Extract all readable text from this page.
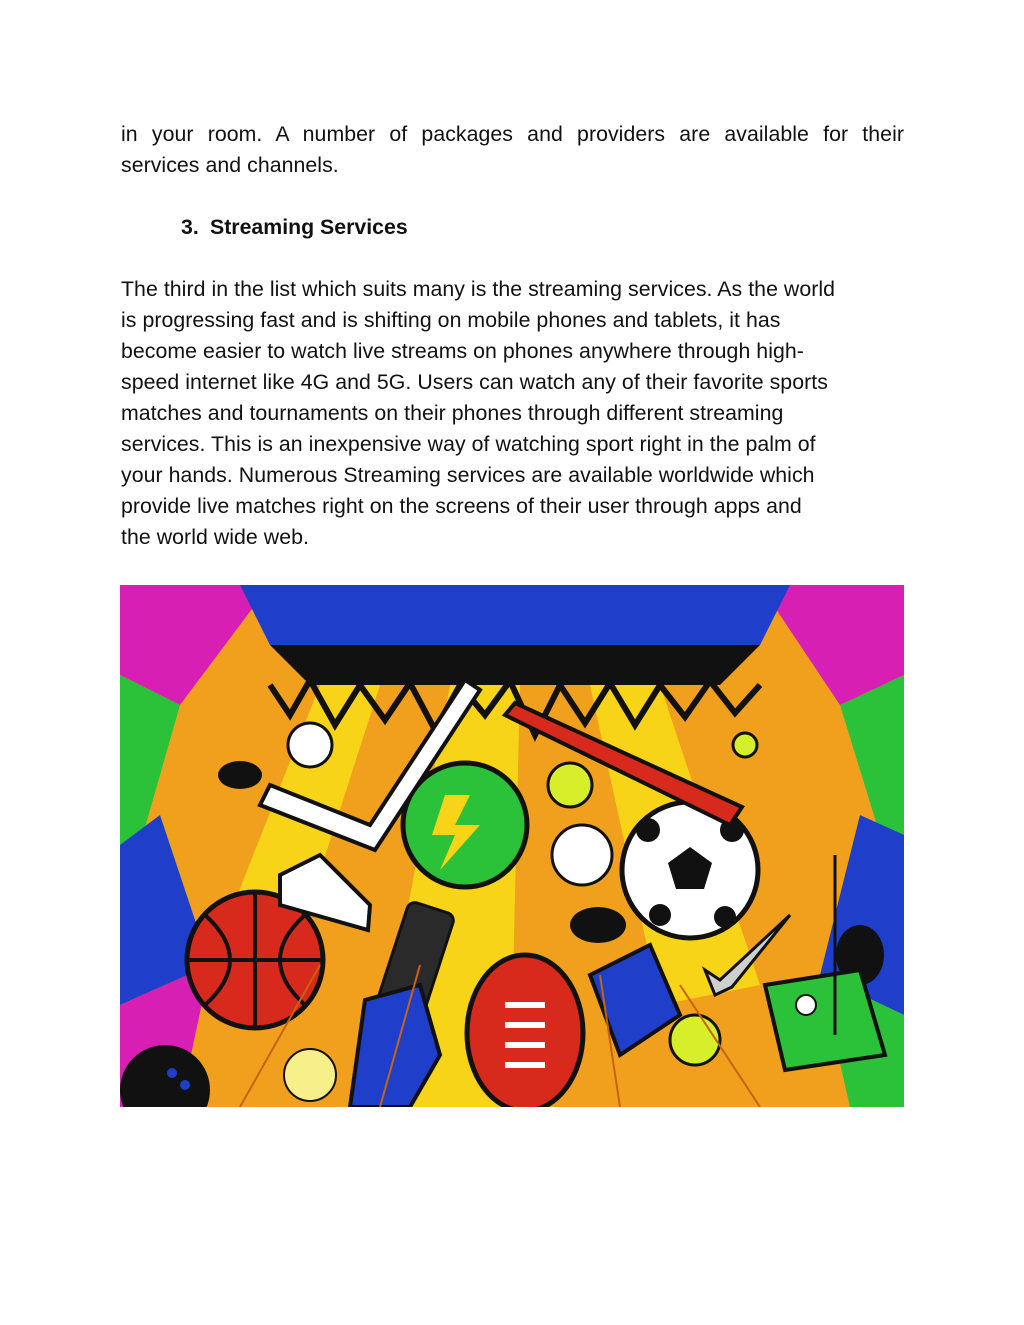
in your room. A number of packages and providers are available for their
services and channels.

3. Streaming Services

The third in the list which suits many is the streaming services. As the world
is progressing fast and is shifting on mobile phones and tablets, it has
become easier to watch live streams on phones anywhere through high-
speed internet like 4G and 5G. Users can watch any of their favorite sports
matches and tournaments on their phones through different streaming
services. This is an inexpensive way of watching sport right in the palm of
your hands. Numerous Streaming services are available worldwide which
provide live matches right on the screens of their user through apps and
the world wide web.
